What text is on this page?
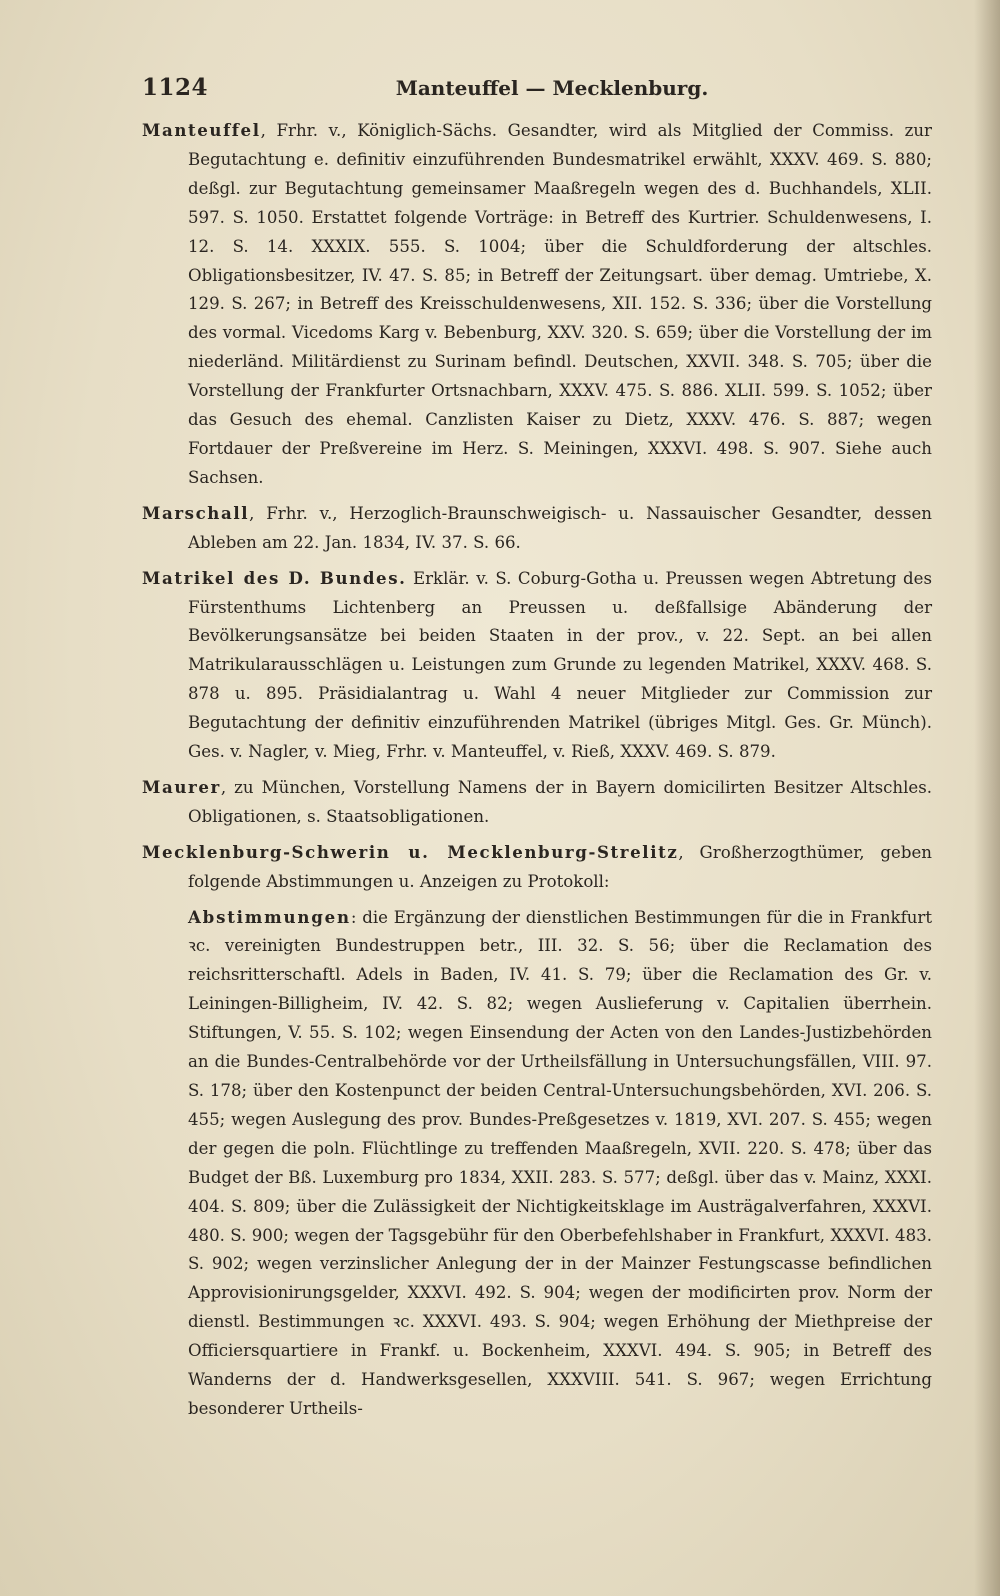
1124	Manteuffel — Mecklenburg.

Manteuffel, Frhr. v., Königlich-Sächs. Gesandter, wird als Mitglied der Commiss. zur Begutachtung e. definitiv einzuführenden Bundesmatrikel erwählt, XXXV. 469. S. 880; deßgl. zur Begutachtung gemeinsamer Maaßregeln wegen des d. Buchhandels, XLII. 597. S. 1050. Erstattet folgende Vorträge: in Betreff des Kurtrier. Schuldenwesens, I. 12. S. 14. XXXIX. 555. S. 1004; über die Schuldforderung der altschles. Obligationsbesitzer, IV. 47. S. 85; in Betreff der Zeitungsart. über demag. Umtriebe, X. 129. S. 267; in Betreff des Kreisschuldenwesens, XII. 152. S. 336; über die Vorstellung des vormal. Vicedoms Karg v. Bebenburg, XXV. 320. S. 659; über die Vorstellung der im niederländ. Militärdienst zu Surinam befindl. Deutschen, XXVII. 348. S. 705; über die Vorstellung der Frankfurter Ortsnachbarn, XXXV. 475. S. 886. XLII. 599. S. 1052; über das Gesuch des ehemal. Canzlisten Kaiser zu Dietz, XXXV. 476. S. 887; wegen Fortdauer der Preßvereine im Herz. S. Meiningen, XXXVI. 498. S. 907. Siehe auch Sachsen.

Marschall, Frhr. v., Herzoglich-Braunschweigisch- u. Nassauischer Gesandter, dessen Ableben am 22. Jan. 1834, IV. 37. S. 66.

Matrikel des D. Bundes. Erklär. v. S. Coburg-Gotha u. Preussen wegen Abtretung des Fürstenthums Lichtenberg an Preussen u. deßfallsige Abänderung der Bevölkerungsansätze bei beiden Staaten in der prov., v. 22. Sept. an bei allen Matrikularausschlägen u. Leistungen zum Grunde zu legenden Matrikel, XXXV. 468. S. 878 u. 895. Präsidialantrag u. Wahl 4 neuer Mitglieder zur Commission zur Begutachtung der definitiv einzuführenden Matrikel (übriges Mitgl. Ges. Gr. Münch). Ges. v. Nagler, v. Mieg, Frhr. v. Manteuffel, v. Rieß, XXXV. 469. S. 879.

Maurer, zu München, Vorstellung Namens der in Bayern domicilirten Besitzer Altschles. Obligationen, s. Staatsobligationen.

Mecklenburg-Schwerin u. Mecklenburg-Strelitz, Großherzogthümer, geben folgende Abstimmungen u. Anzeigen zu Protokoll:

Abstimmungen: die Ergänzung der dienstlichen Bestimmungen für die in Frankfurt ꝛc. vereinigten Bundestruppen betr., III. 32. S. 56; über die Reclamation des reichsritterschaftl. Adels in Baden, IV. 41. S. 79; über die Reclamation des Gr. v. Leiningen-Billigheim, IV. 42. S. 82; wegen Auslieferung v. Capitalien überrhein. Stiftungen, V. 55. S. 102; wegen Einsendung der Acten von den Landes-Justizbehörden an die Bundes-Centralbehörde vor der Urtheilsfällung in Untersuchungsfällen, VIII. 97. S. 178; über den Kostenpunct der beiden Central-Untersuchungsbehörden, XVI. 206. S. 455; wegen Auslegung des prov. Bundes-Preßgesetzes v. 1819, XVI. 207. S. 455; wegen der gegen die poln. Flüchtlinge zu treffenden Maaßregeln, XVII. 220. S. 478; über das Budget der Bß. Luxemburg pro 1834, XXII. 283. S. 577; deßgl. über das v. Mainz, XXXI. 404. S. 809; über die Zulässigkeit der Nichtigkeitsklage im Austrägalverfahren, XXXVI. 480. S. 900; wegen der Tagsgebühr für den Oberbefehlshaber in Frankfurt, XXXVI. 483. S. 902; wegen verzinslicher Anlegung der in der Mainzer Festungscasse befindlichen Approvisionirungsgelder, XXXVI. 492. S. 904; wegen der modificirten prov. Norm der dienstl. Bestimmungen ꝛc. XXXVI. 493. S. 904; wegen Erhöhung der Miethpreise der Officiersquartiere in Frankf. u. Bockenheim, XXXVI. 494. S. 905; in Betreff des Wanderns der d. Handwerksgesellen, XXXVIII. 541. S. 967; wegen Errichtung besonderer Urtheils-
